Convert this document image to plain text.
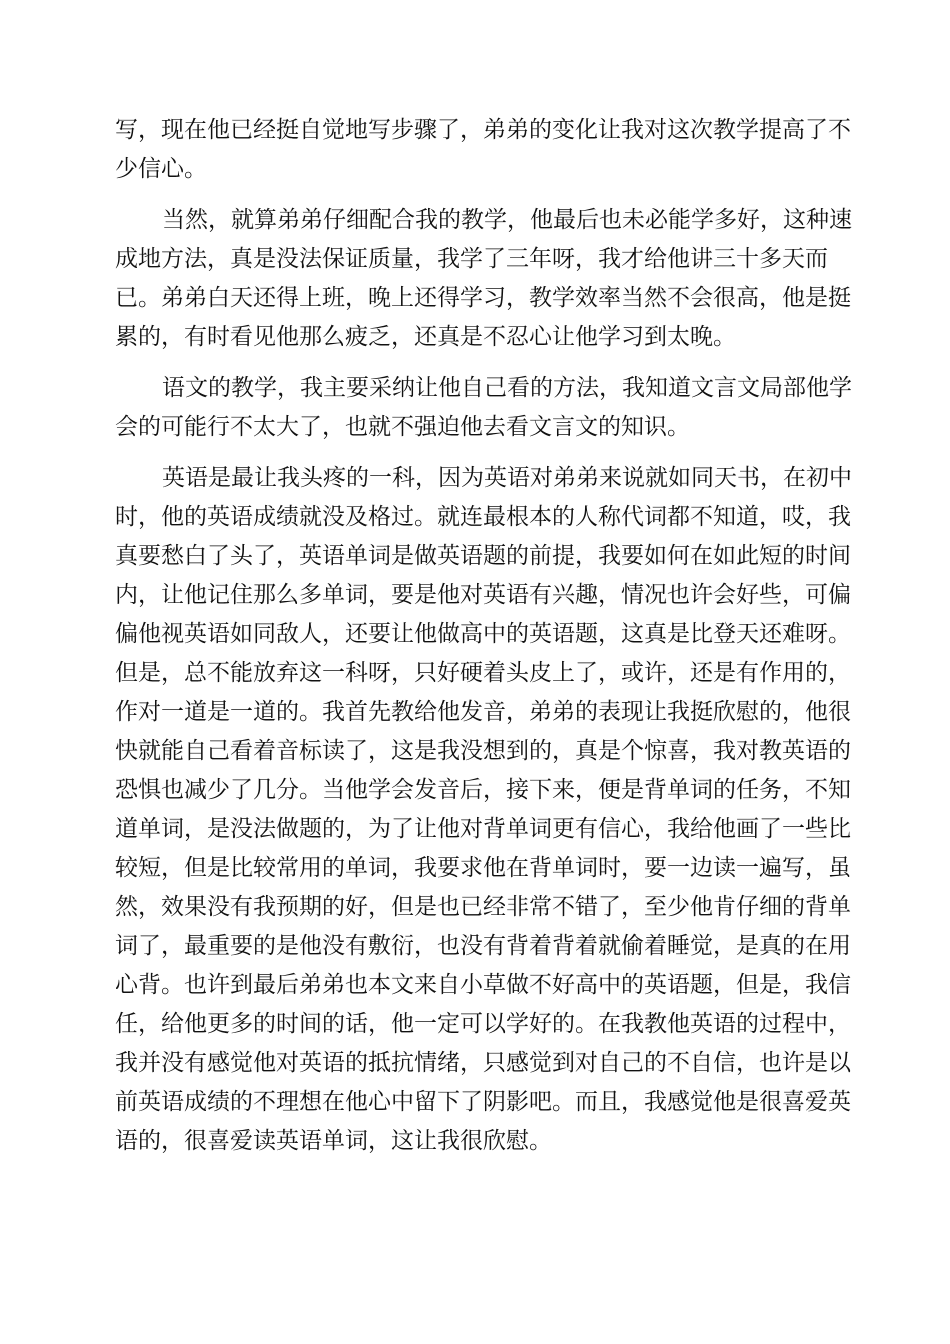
写，现在他已经挺自觉地写步骤了，弟弟的变化让我对这次教学提高了不
少信心。
当然，就算弟弟仔细配合我的教学，他最后也未必能学多好，这种速
成地方法，真是没法保证质量，我学了三年呀，我才给他讲三十多天而
已。弟弟白天还得上班，晚上还得学习，教学效率当然不会很高，他是挺
累的，有时看见他那么疲乏，还真是不忍心让他学习到太晚。
语文的教学，我主要采纳让他自己看的方法，我知道文言文局部他学
会的可能行不太大了，也就不强迫他去看文言文的知识。
英语是最让我头疼的一科，因为英语对弟弟来说就如同天书，在初中
时，他的英语成绩就没及格过。就连最根本的人称代词都不知道，哎，我
真要愁白了头了，英语单词是做英语题的前提，我要如何在如此短的时间
内，让他记住那么多单词，要是他对英语有兴趣，情况也许会好些，可偏
偏他视英语如同敌人，还要让他做高中的英语题，这真是比登天还难呀。
但是，总不能放弃这一科呀，只好硬着头皮上了，或许，还是有作用的，
作对一道是一道的。我首先教给他发音，弟弟的表现让我挺欣慰的，他很
快就能自己看着音标读了，这是我没想到的，真是个惊喜，我对教英语的
恐惧也减少了几分。当他学会发音后，接下来，便是背单词的任务，不知
道单词，是没法做题的，为了让他对背单词更有信心，我给他画了一些比
较短，但是比较常用的单词，我要求他在背单词时，要一边读一遍写，虽
然，效果没有我预期的好，但是也已经非常不错了，至少他肯仔细的背单
词了，最重要的是他没有敷衍，也没有背着背着就偷着睡觉，是真的在用
心背。也许到最后弟弟也本文来自小草做不好高中的英语题，但是，我信
任，给他更多的时间的话，他一定可以学好的。在我教他英语的过程中，
我并没有感觉他对英语的抵抗情绪，只感觉到对自己的不自信，也许是以
前英语成绩的不理想在他心中留下了阴影吧。而且，我感觉他是很喜爱英
语的，很喜爱读英语单词，这让我很欣慰。
